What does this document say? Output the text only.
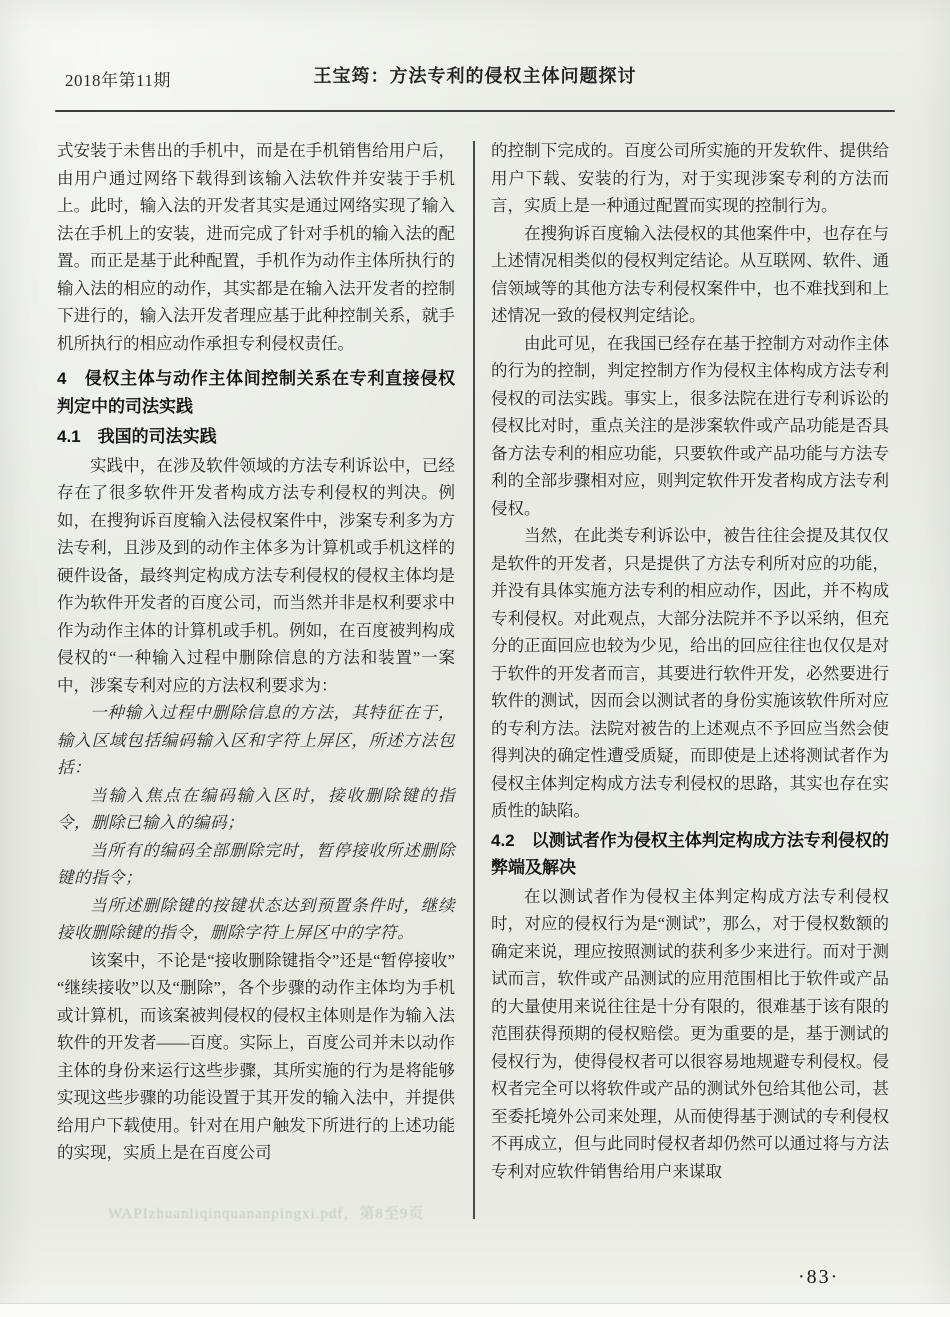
2018年第11期	王宝筠：方法专利的侵权主体问题探讨

式安装于未售出的手机中，而是在手机销售给用户后，由用户通过网络下载得到该输入法软件并安装于手机上。此时，输入法的开发者其实是通过网络实现了输入法在手机上的安装，进而完成了针对手机的输入法的配置。而正是基于此种配置，手机作为动作主体所执行的输入法的相应的动作，其实都是在输入法开发者的控制下进行的，输入法开发者理应基于此种控制关系，就手机所执行的相应动作承担专利侵权责任。

4　侵权主体与动作主体间控制关系在专利直接侵权判定中的司法实践
4.1　我国的司法实践

实践中，在涉及软件领域的方法专利诉讼中，已经存在了很多软件开发者构成方法专利侵权的判决。例如，在搜狗诉百度输入法侵权案件中，涉案专利多为方法专利，且涉及到的动作主体多为计算机或手机这样的硬件设备，最终判定构成方法专利侵权的侵权主体均是作为软件开发者的百度公司，而当然并非是权利要求中作为动作主体的计算机或手机。例如，在百度被判构成侵权的“一种输入过程中删除信息的方法和装置”一案中，涉案专利对应的方法权利要求为：

一种输入过程中删除信息的方法，其特征在于，输入区域包括编码输入区和字符上屏区，所述方法包括：

当输入焦点在编码输入区时，接收删除键的指令，删除已输入的编码；

当所有的编码全部删除完时，暂停接收所述删除键的指令；

当所述删除键的按键状态达到预置条件时，继续接收删除键的指令，删除字符上屏区中的字符。

该案中，不论是“接收删除键指令”还是“暂停接收”“继续接收”以及“删除”，各个步骤的动作主体均为手机或计算机，而该案被判侵权的侵权主体则是作为输入法软件的开发者——百度。实际上，百度公司并未以动作主体的身份来运行这些步骤，其所实施的行为是将能够实现这些步骤的功能设置于其开发的输入法中，并提供给用户下载使用。针对在用户触发下所进行的上述功能的实现，实质上是在百度公司

的控制下完成的。百度公司所实施的开发软件、提供给用户下载、安装的行为，对于实现涉案专利的方法而言，实质上是一种通过配置而实现的控制行为。

在搜狗诉百度输入法侵权的其他案件中，也存在与上述情况相类似的侵权判定结论。从互联网、软件、通信领域等的其他方法专利侵权案件中，也不难找到和上述情况一致的侵权判定结论。

由此可见，在我国已经存在基于控制方对动作主体的行为的控制，判定控制方作为侵权主体构成方法专利侵权的司法实践。事实上，很多法院在进行专利诉讼的侵权比对时，重点关注的是涉案软件或产品功能是否具备方法专利的相应功能，只要软件或产品功能与方法专利的全部步骤相对应，则判定软件开发者构成方法专利侵权。

当然，在此类专利诉讼中，被告往往会提及其仅仅是软件的开发者，只是提供了方法专利所对应的功能，并没有具体实施方法专利的相应动作，因此，并不构成专利侵权。对此观点，大部分法院并不予以采纳，但充分的正面回应也较为少见，给出的回应往往也仅仅是对于软件的开发者而言，其要进行软件开发，必然要进行软件的测试，因而会以测试者的身份实施该软件所对应的专利方法。法院对被告的上述观点不予回应当然会使得判决的确定性遭受质疑，而即使是上述将测试者作为侵权主体判定构成方法专利侵权的思路，其实也存在实质性的缺陷。

4.2　以测试者作为侵权主体判定构成方法专利侵权的弊端及解决

在以测试者作为侵权主体判定构成方法专利侵权时，对应的侵权行为是“测试”，那么，对于侵权数额的确定来说，理应按照测试的获利多少来进行。而对于测试而言，软件或产品测试的应用范围相比于软件或产品的大量使用来说往往是十分有限的，很难基于该有限的范围获得预期的侵权赔偿。更为重要的是，基于测试的侵权行为，使得侵权者可以很容易地规避专利侵权。侵权者完全可以将软件或产品的测试外包给其他公司，甚至委托境外公司来处理，从而使得基于测试的专利侵权不再成立，但与此同时侵权者却仍然可以通过将与方法专利对应软件销售给用户来谋取

WAPIzhuanliqinquananpingxi.pdf，第8至9页
·83·
